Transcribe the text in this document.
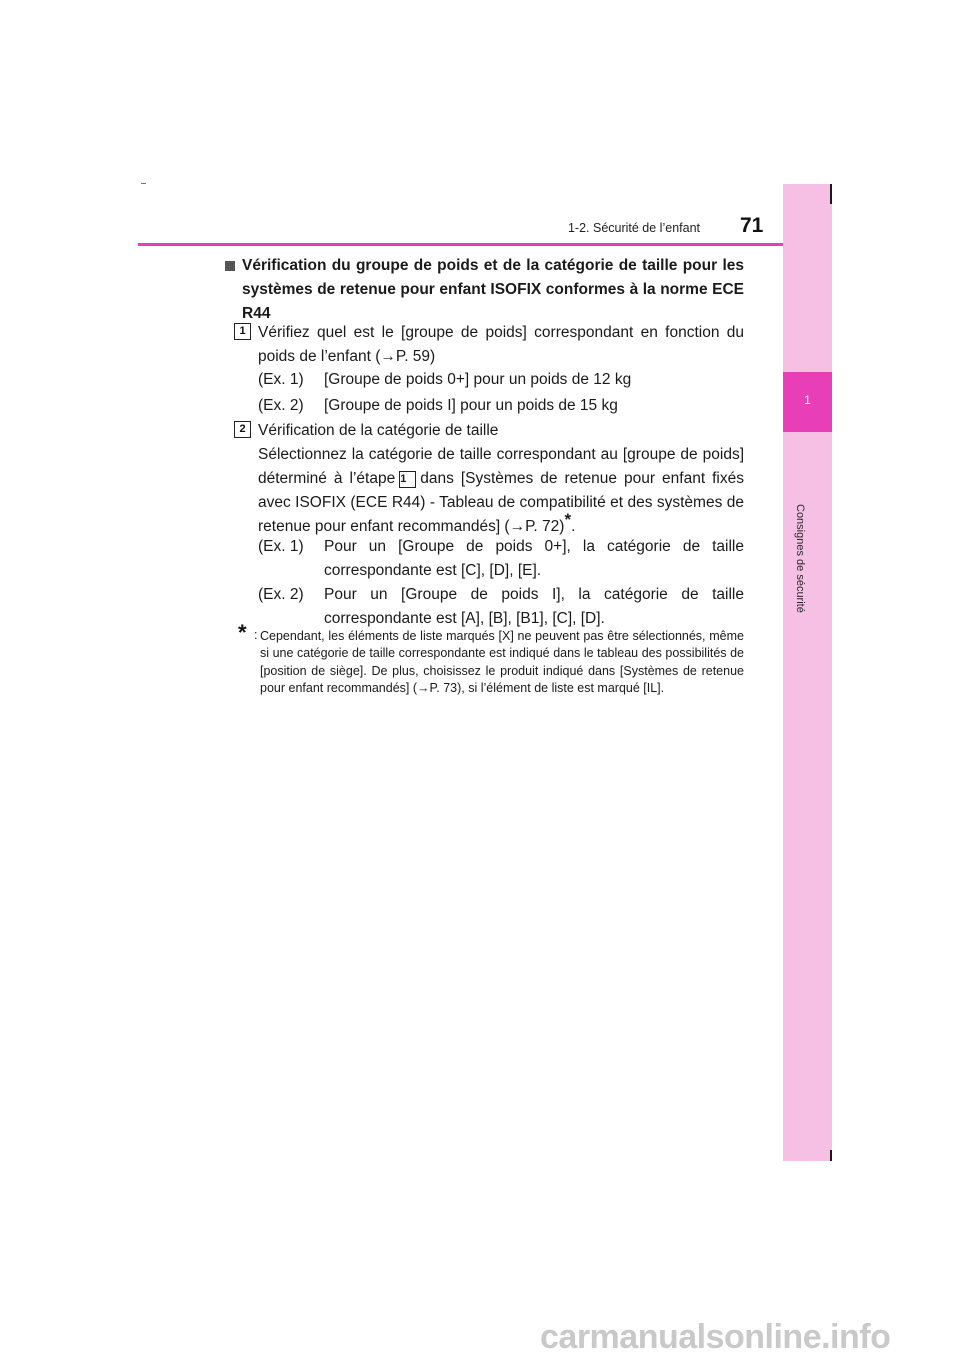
1-2. Sécurité de l’enfant 71
1
Consignes de sécurité
Vérification du groupe de poids et de la catégorie de taille pour les systèmes de retenue pour enfant ISOFIX conformes à la norme ECE R44
1 Vérifiez quel est le [groupe de poids] correspondant en fonction du poids de l’enfant (→P. 59)
(Ex. 1)	[Groupe de poids 0+] pour un poids de 12 kg
(Ex. 2)	[Groupe de poids I] pour un poids de 15 kg
2 Vérification de la catégorie de taille
Sélectionnez la catégorie de taille correspondant au [groupe de poids] déterminé à l’étape 1 dans [Systèmes de retenue pour enfant fixés avec ISOFIX (ECE R44) - Tableau de compatibilité et des systèmes de retenue pour enfant recommandés] (→P. 72)*.
(Ex. 1)	Pour un [Groupe de poids 0+], la catégorie de taille correspondante est [C], [D], [E].
(Ex. 2)	Pour un [Groupe de poids I], la catégorie de taille correspondante est [A], [B], [B1], [C], [D].
* : Cependant, les éléments de liste marqués [X] ne peuvent pas être sélectionnés, même si une catégorie de taille correspondante est indiqué dans le tableau des possibilités de [position de siège]. De plus, choisissez le produit indiqué dans [Systèmes de retenue pour enfant recommandés] (→P. 73), si l’élément de liste est marqué [IL].
carmanualsonline.info
